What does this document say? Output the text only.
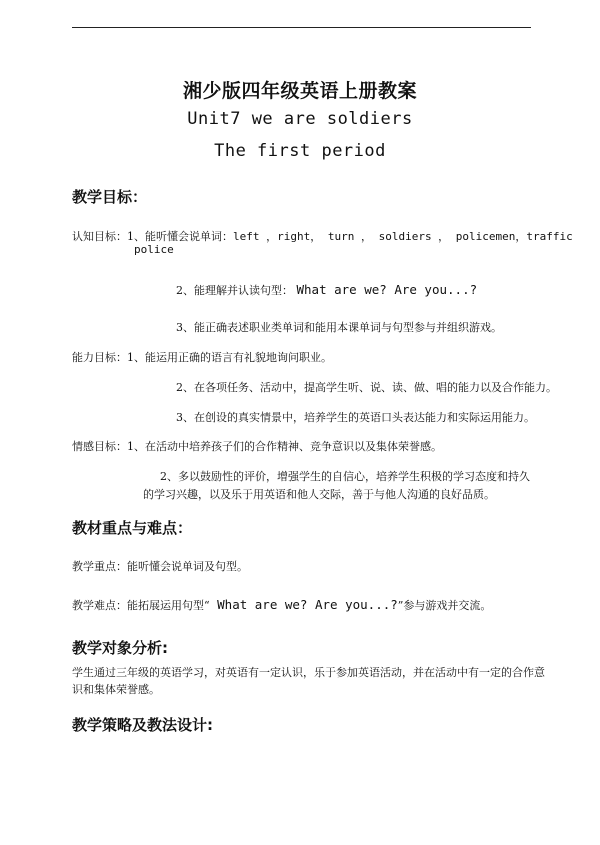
湘少版四年级英语上册教案
Unit7 we are soldiers
The first period
教学目标：
认知目标：1、能听懂会说单词：left ，right， turn ， soldiers ， policemen，traffic
police
2、能理解并认读句型： What are we? Are you...?
3、能正确表述职业类单词和能用本课单词与句型参与并组织游戏。
能力目标：1、能运用正确的语言有礼貌地询问职业。
2、在各项任务、活动中，提高学生听、说、读、做、唱的能力以及合作能力。
3、在创设的真实情景中，培养学生的英语口头表达能力和实际运用能力。
情感目标：1、在活动中培养孩子们的合作精神、竞争意识以及集体荣誉感。
2、多以鼓励性的评价，增强学生的自信心，培养学生积极的学习态度和持久
的学习兴趣，以及乐于用英语和他人交际，善于与他人沟通的良好品质。
教材重点与难点：
教学重点：能听懂会说单词及句型。
教学难点：能拓展运用句型“ What are we? Are you...?”参与游戏并交流。
教学对象分析:
学生通过三年级的英语学习，对英语有一定认识，乐于参加英语活动，并在活动中有一定的合作意
识和集体荣誉感。
教学策略及教法设计:
